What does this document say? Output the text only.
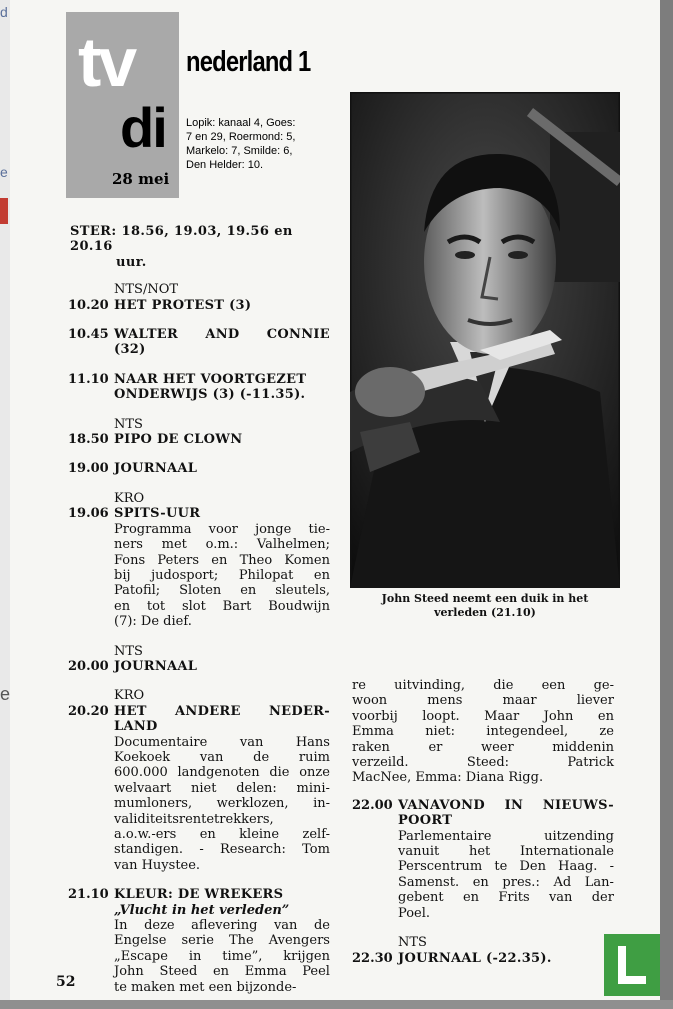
d
e
e
tv
di
28 mei
nederland 1
Lopik: kanaal 4, Goes:
7 en 29, Roermond: 5,
Markelo: 7, Smilde: 6,
Den Helder: 10.
STER: 18.56, 19.03, 19.56 en 20.16
uur.
NTS/NOT
10.20 HET PROTEST (3)
10.45 WALTER AND CONNIE
(32)
11.10 NAAR HET VOORTGEZET
ONDERWIJS (3) (-11.35).
NTS
18.50 PIPO DE CLOWN
19.00 JOURNAAL
KRO
19.06 SPITS-UUR
Programma voor jonge tie-
ners met o.m.: Valhelmen;
Fons Peters en Theo Komen
bij judosport; Philopat en
Patofil; Sloten en sleutels,
en tot slot Bart Boudwijn
(7): De dief.
NTS
20.00 JOURNAAL
KRO
20.20 HET ANDERE NEDER-
LAND
Documentaire	van	Hans
Koekoek van de ruim
600.000 landgenoten die onze
welvaart niet delen: mini-
mumloners, werklozen, in-
validiteitsrentetrekkers,
a.o.w.-ers en kleine zelf-
standigen. - Research: Tom
van Huystee.
21.10 KLEUR: DE WREKERS
„Vlucht in het verleden”
In deze aflevering van de
Engelse serie The Avengers
„Escape in time”, krijgen
John Steed en Emma Peel
te maken met een bijzonde-
re uitvinding, die een ge-
woon	mens	maar	liever
voorbij loopt. Maar John en
Emma niet: integendeel, ze
raken	er	weer	middenin
verzeild.	Steed:	Patrick
MacNee, Emma: Diana Rigg.
22.00 VANAVOND IN NIEUWS-
POORT
Parlementaire	uitzending
vanuit het Internationale
Perscentrum te Den Haag. -
Samenst. en pres.: Ad Lan-
gebent en Frits van der
Poel.
NTS
22.30 JOURNAAL (-22.35).
John Steed neemt een duik in het
verleden (21.10)
52
